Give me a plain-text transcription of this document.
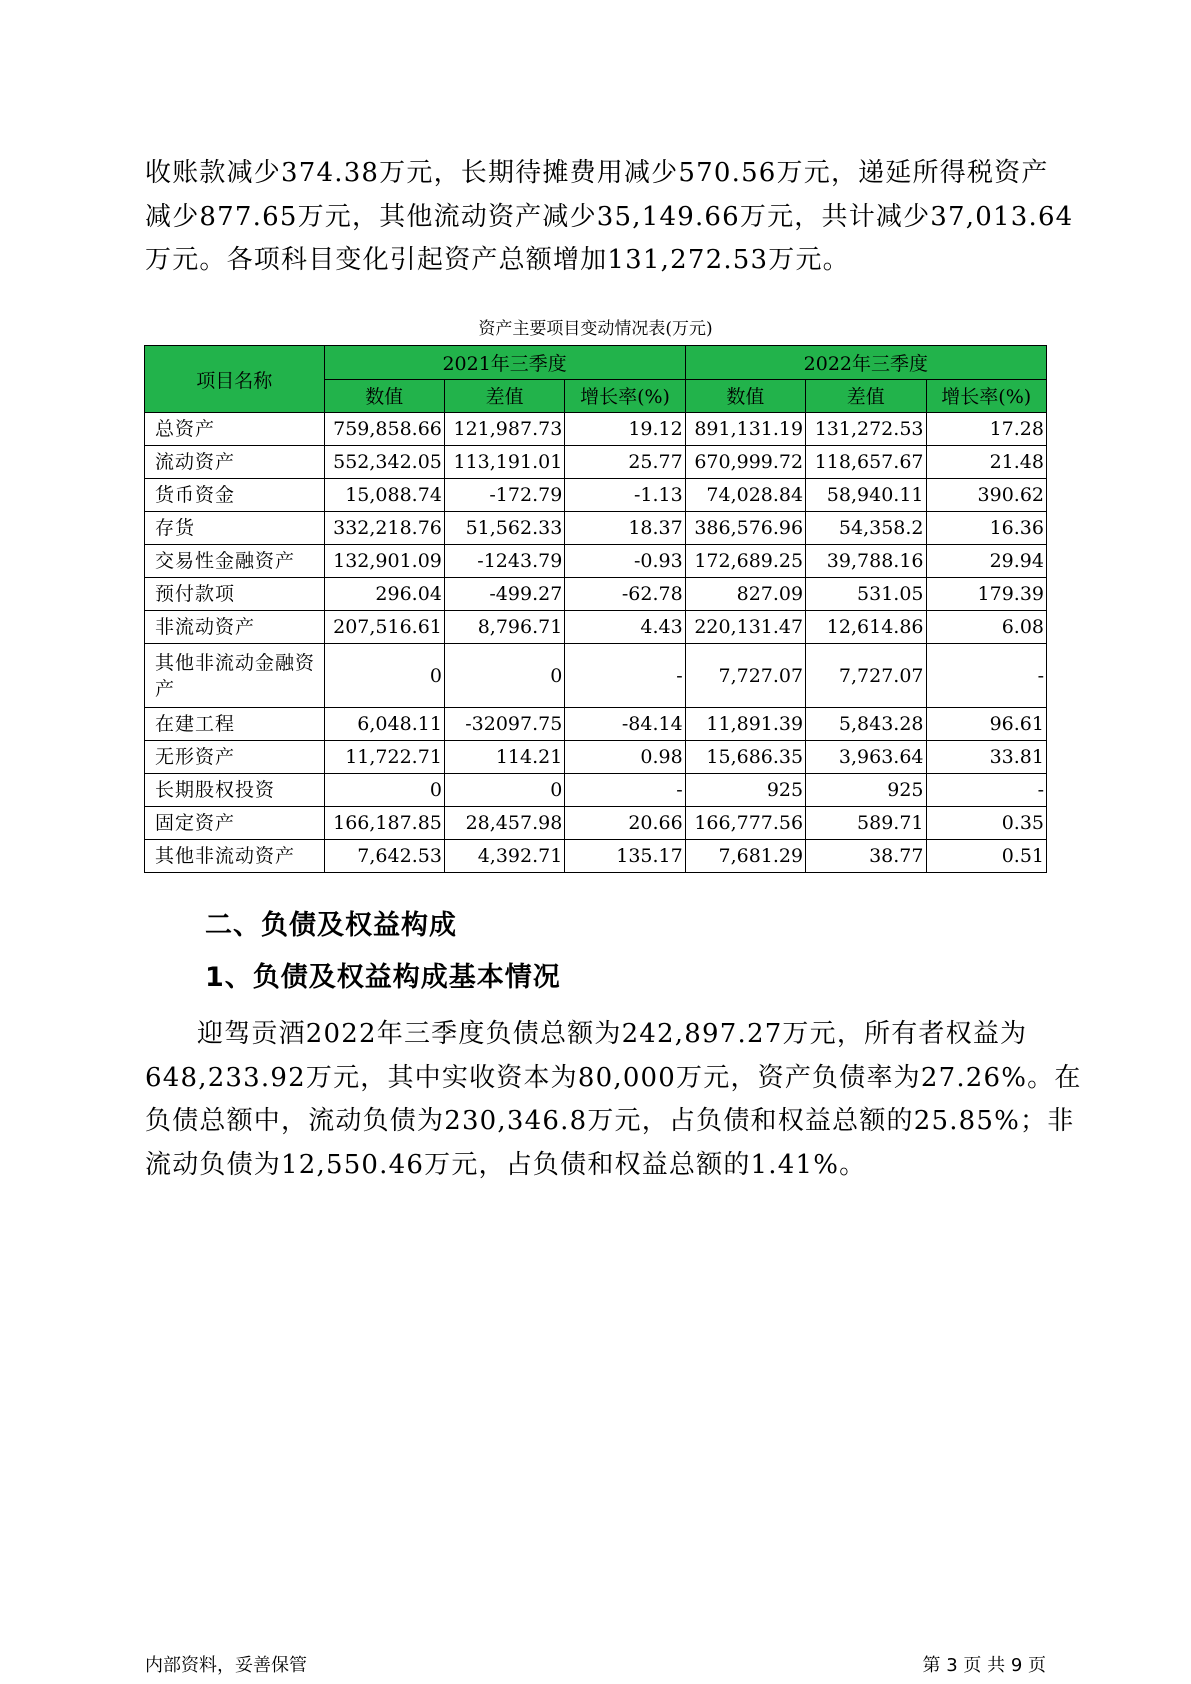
收账款减少374.38万元，长期待摊费用减少570.56万元，递延所得税资产
减少877.65万元，其他流动资产减少35,149.66万元，共计减少37,013.64
万元。各项科目变化引起资产总额增加131,272.53万元。

资产主要项目变动情况表(万元)
项目名称	2021年三季度			2022年三季度		
	数值	差值	增长率(%)	数值	差值	增长率(%)
总资产	759,858.66	121,987.73	19.12	891,131.19	131,272.53	17.28
流动资产	552,342.05	113,191.01	25.77	670,999.72	118,657.67	21.48
货币资金	15,088.74	-172.79	-1.13	74,028.84	58,940.11	390.62
存货	332,218.76	51,562.33	18.37	386,576.96	54,358.2	16.36
交易性金融资产	132,901.09	-1243.79	-0.93	172,689.25	39,788.16	29.94
预付款项	296.04	-499.27	-62.78	827.09	531.05	179.39
非流动资产	207,516.61	8,796.71	4.43	220,131.47	12,614.86	6.08
其他非流动金融资产	0	0	-	7,727.07	7,727.07	-
在建工程	6,048.11	-32097.75	-84.14	11,891.39	5,843.28	96.61
无形资产	11,722.71	114.21	0.98	15,686.35	3,963.64	33.81
长期股权投资	0	0	-	925	925	-
固定资产	166,187.85	28,457.98	20.66	166,777.56	589.71	0.35
其他非流动资产	7,642.53	4,392.71	135.17	7,681.29	38.77	0.51
二、负债及权益构成
1、负债及权益构成基本情况

迎驾贡酒2022年三季度负债总额为242,897.27万元，所有者权益为
648,233.92万元，其中实收资本为80,000万元，资产负债率为27.26%。在
负债总额中，流动负债为230,346.8万元，占负债和权益总额的25.85%；非
流动负债为12,550.46万元，占负债和权益总额的1.41%。

内部资料，妥善保管	第 3 页 共 9 页
